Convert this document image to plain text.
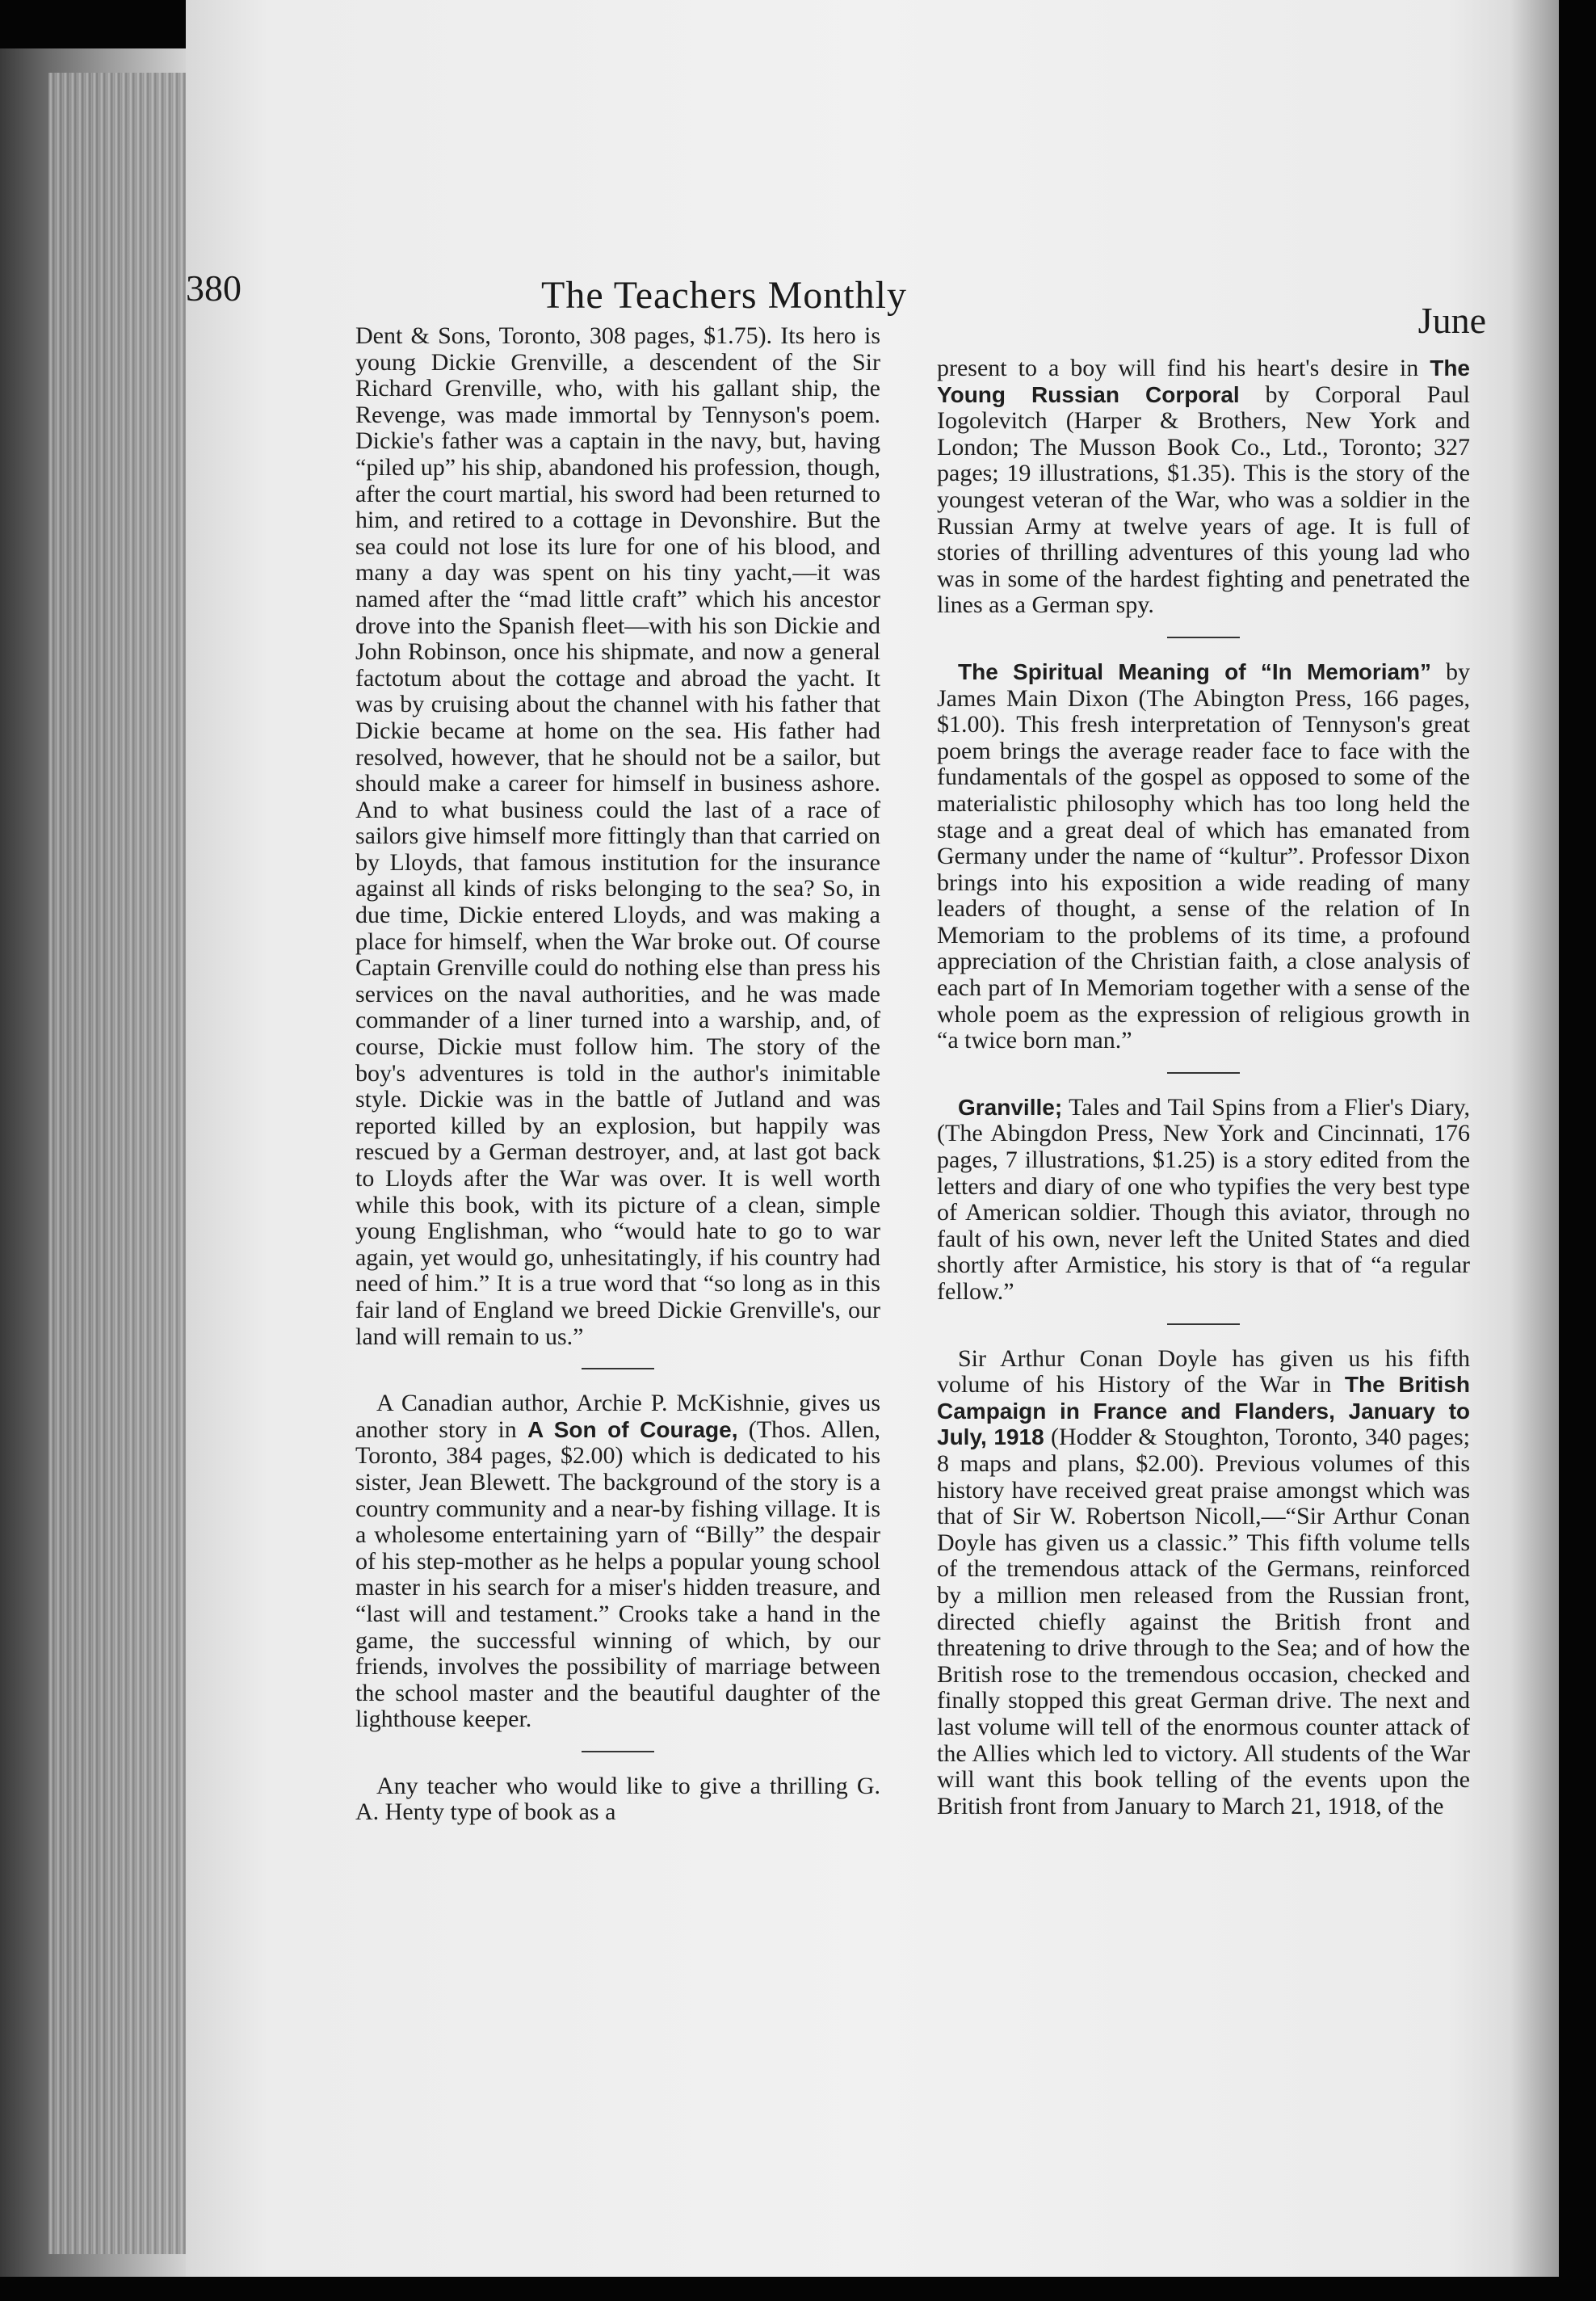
380	The Teachers Monthly
June

Dent & Sons, Toronto, 308 pages, $1.75). Its hero is young Dickie Grenville, a descendent of the Sir Richard Grenville, who, with his gallant ship, the Revenge, was made immortal by Tennyson's poem. Dickie's father was a captain in the navy, but, having “piled up” his ship, abandoned his profession, though, after the court martial, his sword had been returned to him, and retired to a cottage in Devonshire. But the sea could not lose its lure for one of his blood, and many a day was spent on his tiny yacht,—it was named after the “mad little craft” which his ancestor drove into the Spanish fleet—with his son Dickie and John Robinson, once his shipmate, and now a general factotum about the cottage and abroad the yacht. It was by cruising about the channel with his father that Dickie became at home on the sea. His father had resolved, however, that he should not be a sailor, but should make a career for himself in business ashore. And to what business could the last of a race of sailors give himself more fittingly than that carried on by Lloyds, that famous institution for the insurance against all kinds of risks belonging to the sea? So, in due time, Dickie entered Lloyds, and was making a place for himself, when the War broke out. Of course Captain Grenville could do nothing else than press his services on the naval authorities, and he was made commander of a liner turned into a warship, and, of course, Dickie must follow him. The story of the boy's adventures is told in the author's inimitable style. Dickie was in the battle of Jutland and was reported killed by an explosion, but happily was rescued by a German destroyer, and, at last got back to Lloyds after the War was over. It is well worth while this book, with its picture of a clean, simple young Englishman, who “would hate to go to war again, yet would go, unhesitatingly, if his country had need of him.” It is a true word that “so long as in this fair land of England we breed Dickie Grenville's, our land will remain to us.”

A Canadian author, Archie P. McKishnie, gives us another story in A Son of Courage, (Thos. Allen, Toronto, 384 pages, $2.00) which is dedicated to his sister, Jean Blewett. The background of the story is a country community and a near-by fishing village. It is a wholesome entertaining yarn of “Billy” the despair of his step-mother as he helps a popular young school master in his search for a miser's hidden treasure, and “last will and testament.” Crooks take a hand in the game, the successful winning of which, by our friends, involves the possibility of marriage between the school master and the beautiful daughter of the lighthouse keeper.

Any teacher who would like to give a thrilling G. A. Henty type of book as a

present to a boy will find his heart's desire in The Young Russian Corporal by Corporal Paul Iogolevitch (Harper & Brothers, New York and London; The Musson Book Co., Ltd., Toronto; 327 pages; 19 illustrations, $1.35). This is the story of the youngest veteran of the War, who was a soldier in the Russian Army at twelve years of age. It is full of stories of thrilling adventures of this young lad who was in some of the hardest fighting and penetrated the lines as a German spy.

The Spiritual Meaning of “In Memoriam” by James Main Dixon (The Abington Press, 166 pages, $1.00). This fresh interpretation of Tennyson's great poem brings the average reader face to face with the fundamentals of the gospel as opposed to some of the materialistic philosophy which has too long held the stage and a great deal of which has emanated from Germany under the name of “kultur”. Professor Dixon brings into his exposition a wide reading of many leaders of thought, a sense of the relation of In Memoriam to the problems of its time, a profound appreciation of the Christian faith, a close analysis of each part of In Memoriam together with a sense of the whole poem as the expression of religious growth in “a twice born man.”

Granville; Tales and Tail Spins from a Flier's Diary, (The Abingdon Press, New York and Cincinnati, 176 pages, 7 illustrations, $1.25) is a story edited from the letters and diary of one who typifies the very best type of American soldier. Though this aviator, through no fault of his own, never left the United States and died shortly after Armistice, his story is that of “a regular fellow.”

Sir Arthur Conan Doyle has given us his fifth volume of his History of the War in The British Campaign in France and Flanders, January to July, 1918 (Hodder & Stoughton, Toronto, 340 pages; 8 maps and plans, $2.00). Previous volumes of this history have received great praise amongst which was that of Sir W. Robertson Nicoll,—“Sir Arthur Conan Doyle has given us a classic.” This fifth volume tells of the tremendous attack of the Germans, reinforced by a million men released from the Russian front, directed chiefly against the British front and threatening to drive through to the Sea; and of how the British rose to the tremendous occasion, checked and finally stopped this great German drive. The next and last volume will tell of the enormous counter attack of the Allies which led to victory. All students of the War will want this book telling of the events upon the British front from January to March 21, 1918, of the
